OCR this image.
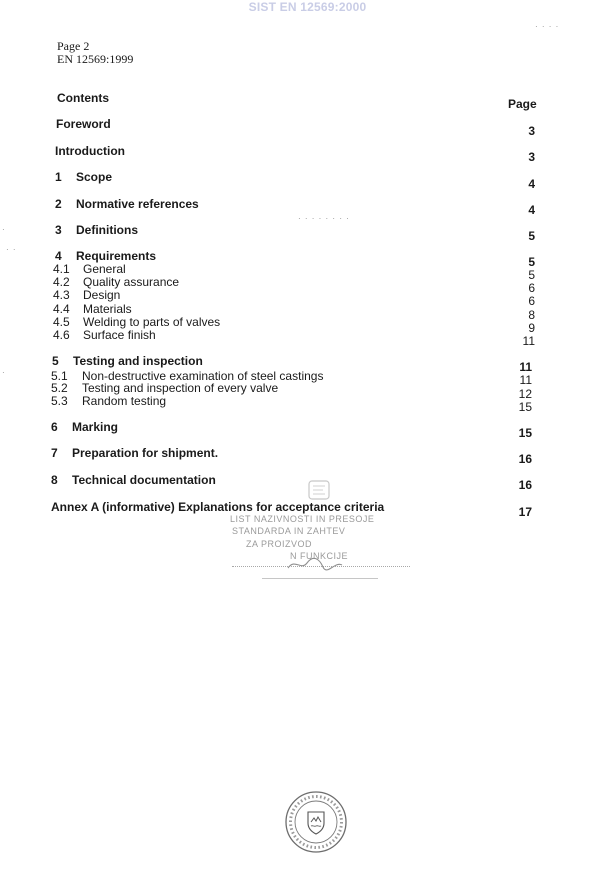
SIST EN 12569:2000
· · · ·
Page 2
EN 12569:1999
Contents	Page
Foreword	3
Introduction	3
1 Scope	4
2 Normative references	4
· · · · · · · ·
3 Definitions	5
4 Requirements	5
4.1 General	5
4.2 Quality assurance	6
4.3 Design	6
4.4 Materials	8
4.5 Welding to parts of valves	9
4.6 Surface finish	11
5 Testing and inspection	11
5.1 Non-destructive examination of steel castings	11
5.2 Testing and inspection of every valve	12
5.3 Random testing	15
6 Marking	15
7 Preparation for shipment.	16
8 Technical documentation	16
Annex A (informative) Explanations for acceptance criteria	17
LIST NAZIVNOSTI IN PRESOJE
STANDARDA IN ZAHTEV
ZA PROIZVOD
N FUNKCIJE
·
· ·
·
